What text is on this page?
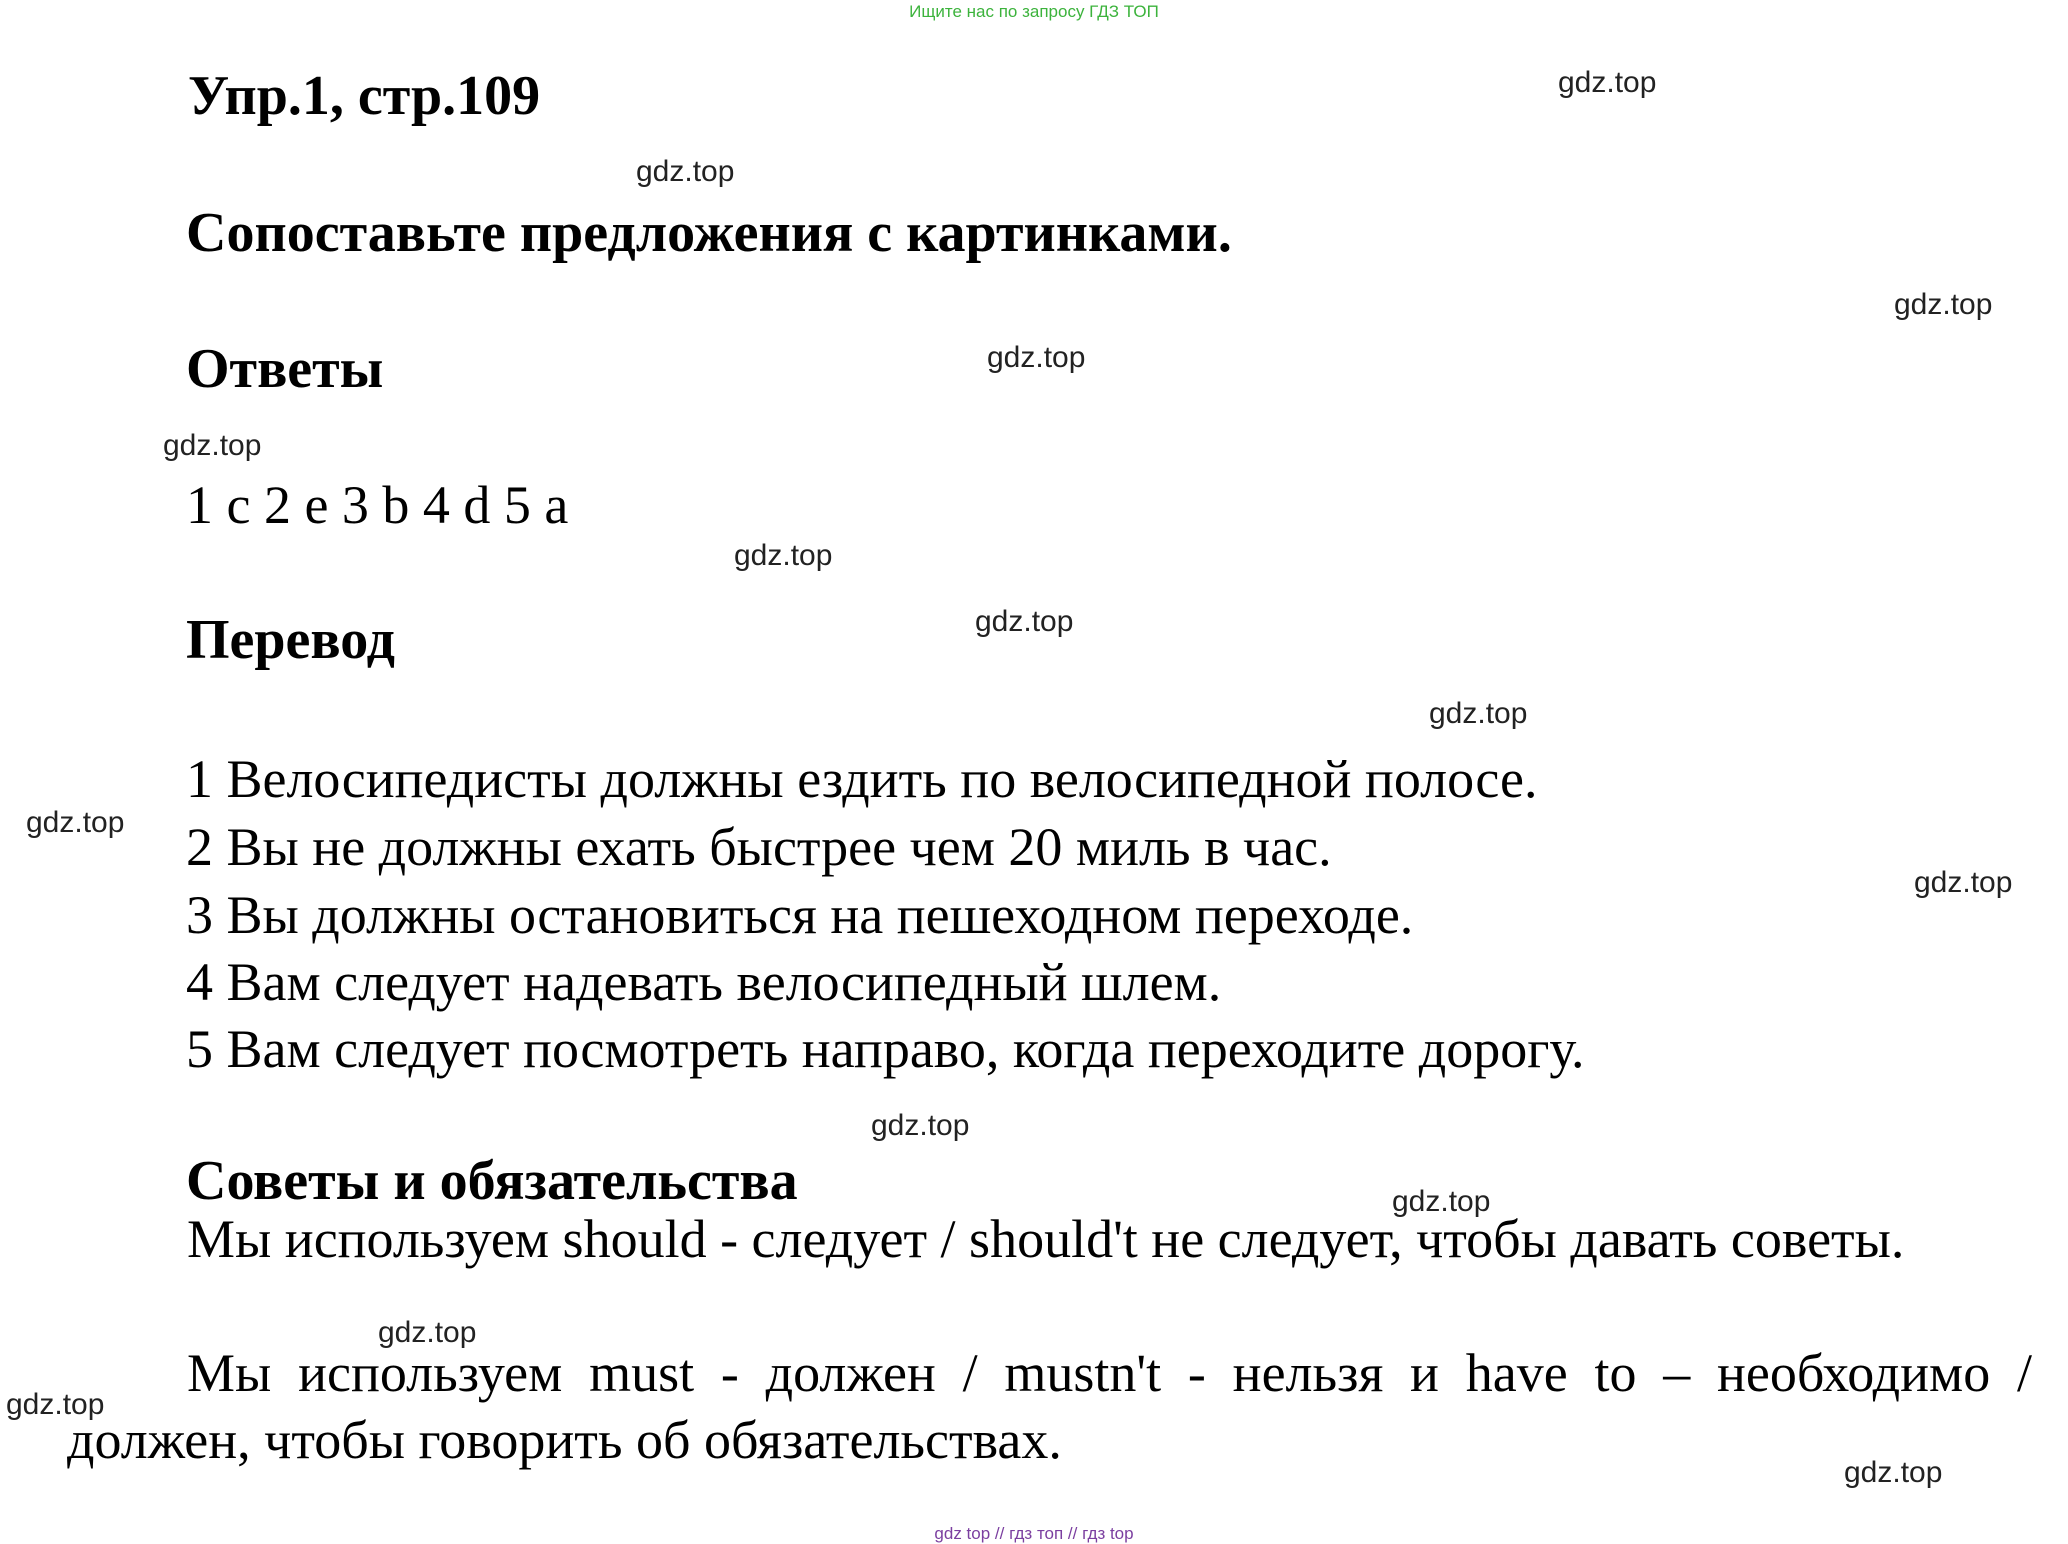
Ищите нас по запросу ГДЗ ТОП
Упр.1, стр.109
Сопоставьте предложения с картинками.
Ответы
1 c 2 e 3 b 4 d 5 a
Перевод
1 Велосипедисты должны ездить по велосипедной полосе.
2 Вы не должны ехать быстрее чем 20 миль в час.
3 Вы должны остановиться на пешеходном переходе.
4 Вам следует надевать велосипедный шлем.
5 Вам следует посмотреть направо, когда переходите дорогу.
Советы и обязательства
Мы используем should - следует / should't не следует, чтобы давать советы.
Мы используем must - должен / mustn't - нельзя и have to – необходимо / должен, чтобы говорить об обязательствах.
gdz.top
gdz.top
gdz.top
gdz.top
gdz.top
gdz.top
gdz.top
gdz.top
gdz.top
gdz.top
gdz.top
gdz.top
gdz.top
gdz.top
gdz.top
gdz top // гдз топ // гдз top
